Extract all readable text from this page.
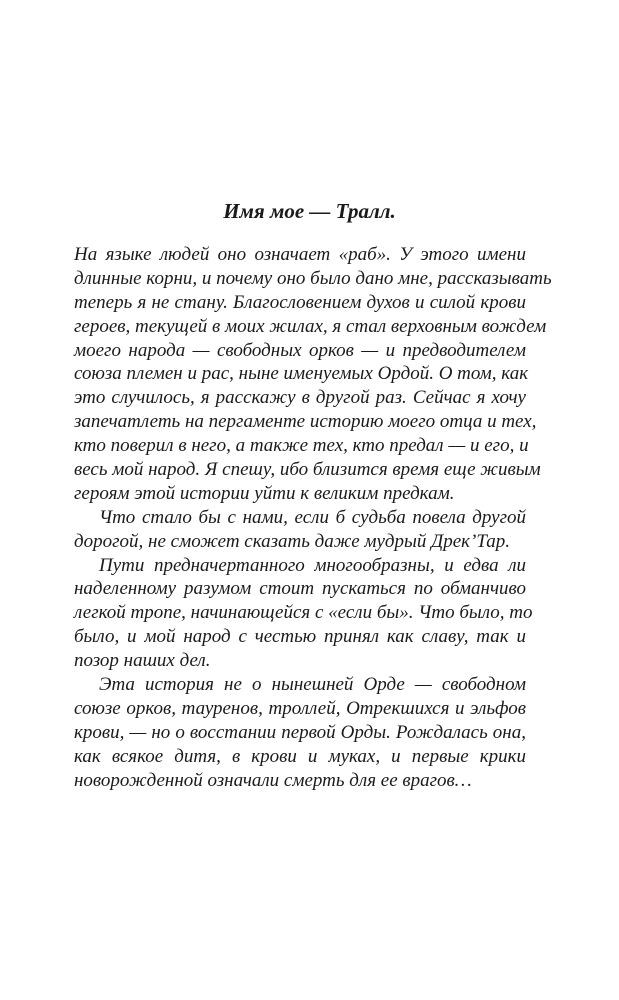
Имя мое — Тралл.
На языке людей оно означает «раб». У этого имени
длинные корни, и почему оно было дано мне, рассказывать
теперь я не стану. Благословением духов и силой крови
героев, текущей в моих жилах, я стал верховным вождем
моего народа — свободных орков — и предводителем
союза племен и рас, ныне именуемых Ордой. О том, как
это случилось, я расскажу в другой раз. Сейчас я хочу
запечатлеть на пергаменте историю моего отца и тех,
кто поверил в него, а также тех, кто предал — и его, и
весь мой народ. Я спешу, ибо близится время еще живым
героям этой истории уйти к великим предкам.
Что стало бы с нами, если б судьба повела другой
дорогой, не сможет сказать даже мудрый Дрек’Тар.
Пути предначертанного многообразны, и едва ли
наделенному разумом стоит пускаться по обманчиво
легкой тропе, начинающейся с «если бы». Что было, то
было, и мой народ с честью принял как славу, так и
позор наших дел.
Эта история не о нынешней Орде — свободном
союзе орков, тауренов, троллей, Отрекшихся и эльфов
крови, — но о восстании первой Орды. Рождалась она,
как всякое дитя, в крови и муках, и первые крики
новорожденной означали смерть для ее врагов…
